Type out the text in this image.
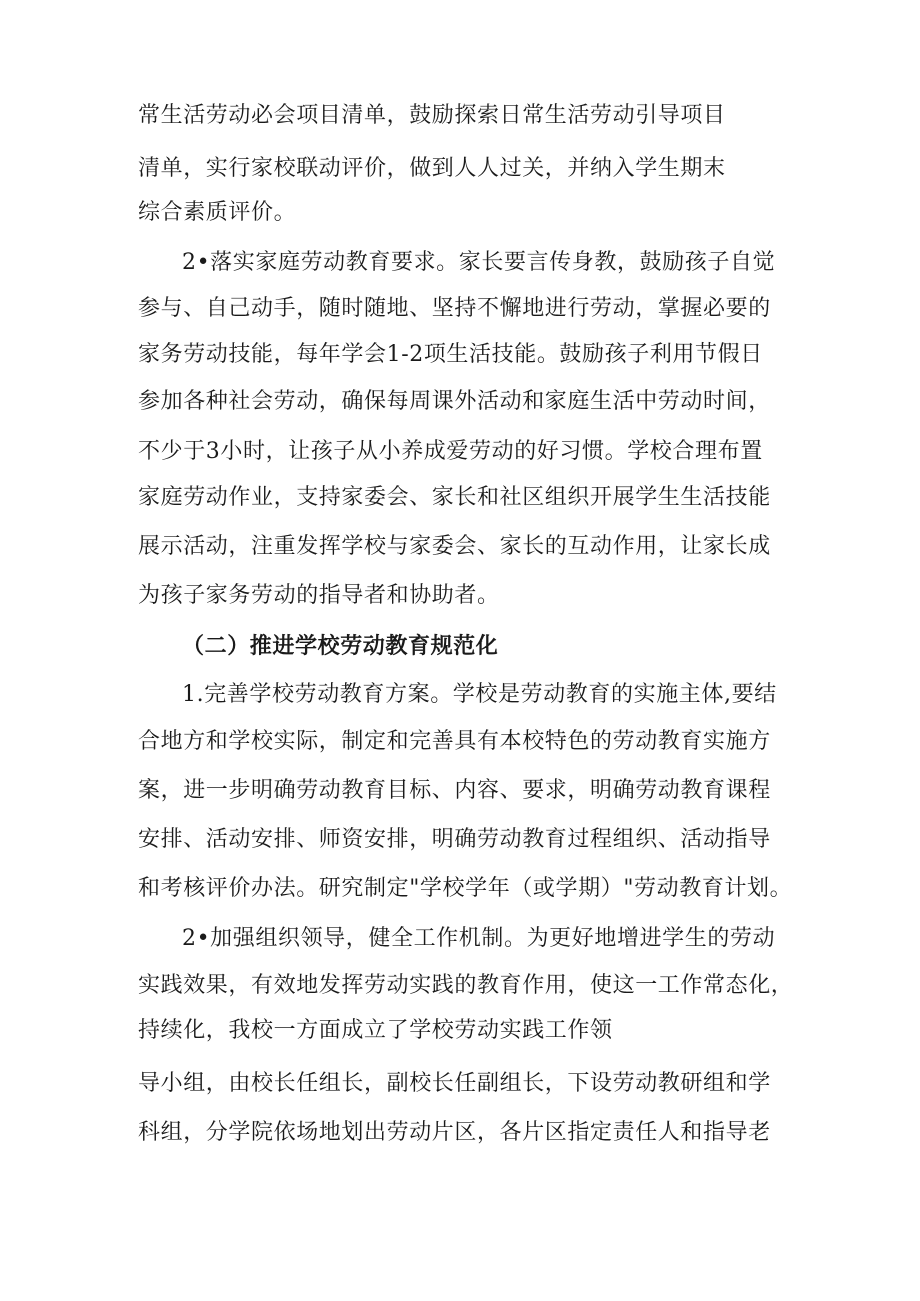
常生活劳动必会项目清单，鼓励探索日常生活劳动引导项目
清单，实行家校联动评价，做到人人过关，并纳入学生期末
综合素质评价。
2•落实家庭劳动教育要求。家长要言传身教，鼓励孩子自觉
参与、自己动手，随时随地、坚持不懈地进行劳动，掌握必要的
家务劳动技能，每年学会1-2项生活技能。鼓励孩子利用节假日
参加各种社会劳动，确保每周课外活动和家庭生活中劳动时间，
不少于3小时，让孩子从小养成爱劳动的好习惯。学校合理布置
家庭劳动作业，支持家委会、家长和社区组织开展学生生活技能
展示活动，注重发挥学校与家委会、家长的互动作用，让家长成
为孩子家务劳动的指导者和协助者。
（二）推进学校劳动教育规范化
1.完善学校劳动教育方案。学校是劳动教育的实施主体,要结
合地方和学校实际，制定和完善具有本校特色的劳动教育实施方
案，进一步明确劳动教育目标、内容、要求，明确劳动教育课程
安排、活动安排、师资安排，明确劳动教育过程组织、活动指导
和考核评价办法。研究制定"学校学年（或学期）"劳动教育计划。
2•加强组织领导，健全工作机制。为更好地增进学生的劳动
实践效果，有效地发挥劳动实践的教育作用，使这一工作常态化，
持续化，我校一方面成立了学校劳动实践工作领
导小组，由校长任组长，副校长任副组长，下设劳动教研组和学
科组，分学院依场地划出劳动片区，各片区指定责任人和指导老
